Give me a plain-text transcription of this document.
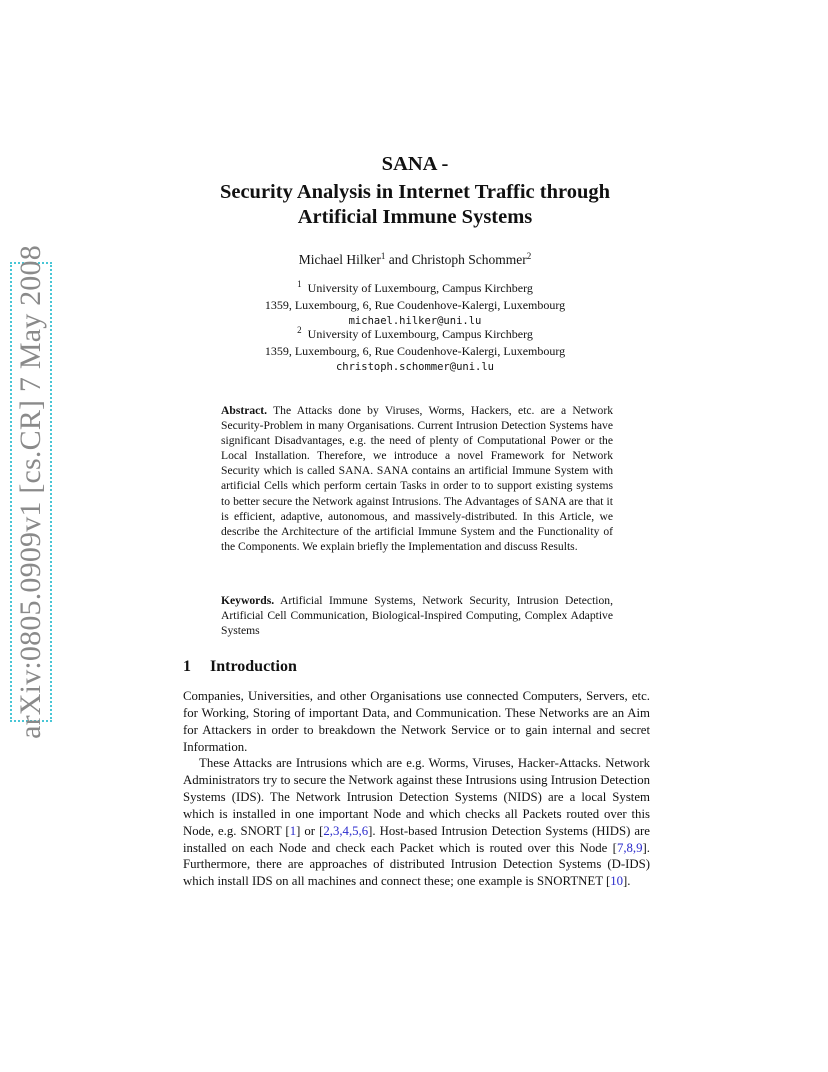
arXiv:0805.0909v1 [cs.CR] 7 May 2008
SANA -
Security Analysis in Internet Traffic through
Artificial Immune Systems
Michael Hilker$^1$ and Christoph Schommer$^2$
$^1$ University of Luxembourg, Campus Kirchberg
1359, Luxembourg, 6, Rue Coudenhove-Kalergi, Luxembourg
michael.hilker@uni.lu
$^2$ University of Luxembourg, Campus Kirchberg
1359, Luxembourg, 6, Rue Coudenhove-Kalergi, Luxembourg
christoph.schommer@uni.lu
Abstract. The Attacks done by Viruses, Worms, Hackers, etc. are a Network Security-Problem in many Organisations. Current Intrusion Detection Systems have significant Disadvantages, e.g. the need of plenty of Computational Power or the Local Installation. Therefore, we introduce a novel Framework for Network Security which is called SANA. SANA contains an artificial Immune System with artificial Cells which perform certain Tasks in order to to support existing systems to better secure the Network against Intrusions. The Advantages of SANA are that it is efficient, adaptive, autonomous, and massively-distributed. In this Article, we describe the Architecture of the artificial Immune System and the Functionality of the Components. We explain briefly the Implementation and discuss Results.
Keywords. Artificial Immune Systems, Network Security, Intrusion Detection, Artificial Cell Communication, Biological-Inspired Computing, Complex Adaptive Systems
1 Introduction
Companies, Universities, and other Organisations use connected Computers, Servers, etc. for Working, Storing of important Data, and Communication. These Networks are an Aim for Attackers in order to breakdown the Network Service or to gain internal and secret Information.
These Attacks are Intrusions which are e.g. Worms, Viruses, Hacker-Attacks. Network Administrators try to secure the Network against these Intrusions using Intrusion Detection Systems (IDS). The Network Intrusion Detection Systems (NIDS) are a local System which is installed in one important Node and which checks all Packets routed over this Node, e.g. SNORT [1] or [2,3,4,5,6]. Host-based Intrusion Detection Systems (HIDS) are installed on each Node and check each Packet which is routed over this Node [7,8,9]. Furthermore, there are approaches of distributed Intrusion Detection Systems (D-IDS) which install IDS on all machines and connect these; one example is SNORTNET [10].
